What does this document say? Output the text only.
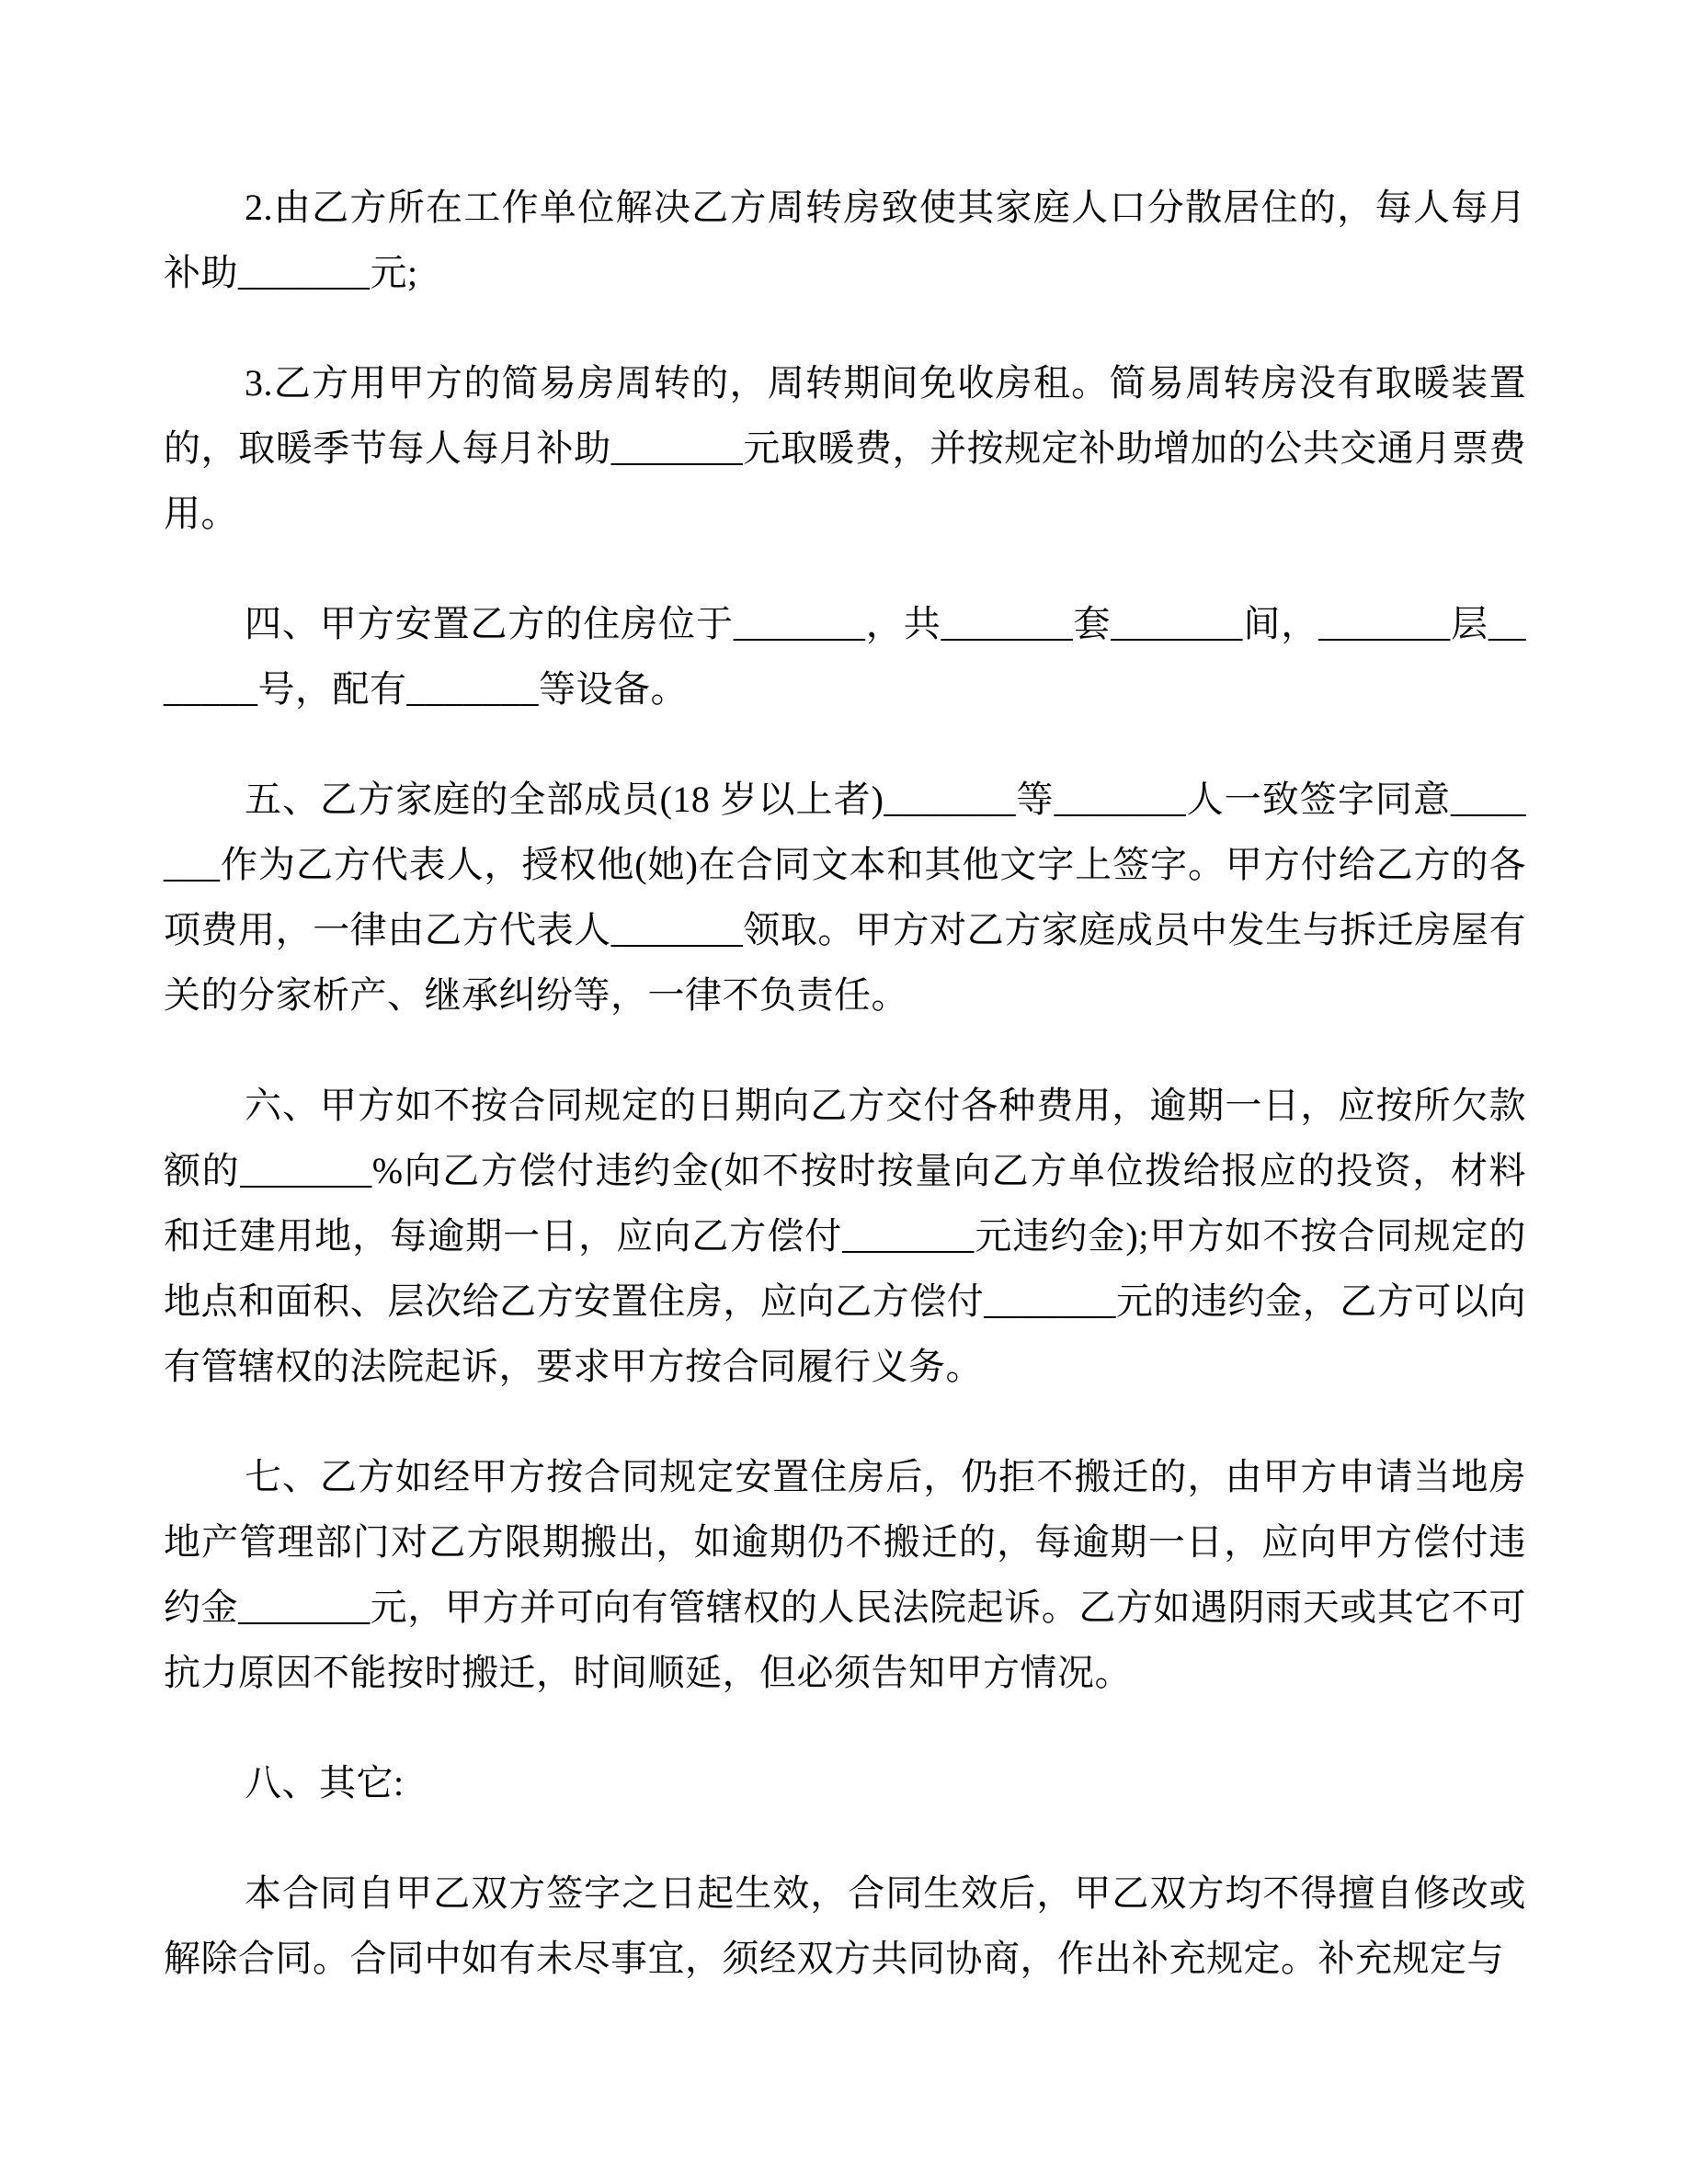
2.由乙方所在工作单位解决乙方周转房致使其家庭人口分散居住的，每人每月补助_______元;

3.乙方用甲方的简易房周转的，周转期间免收房租。简易周转房没有取暖装置的，取暖季节每人每月补助_______元取暖费，并按规定补助增加的公共交通月票费用。

四、甲方安置乙方的住房位于_______，共_______套_______间，_______层_______号，配有_______等设备。

五、乙方家庭的全部成员(18 岁以上者)_______等_______人一致签字同意_______作为乙方代表人，授权他(她)在合同文本和其他文字上签字。甲方付给乙方的各项费用，一律由乙方代表人_______领取。甲方对乙方家庭成员中发生与拆迁房屋有关的分家析产、继承纠纷等，一律不负责任。

六、甲方如不按合同规定的日期向乙方交付各种费用，逾期一日，应按所欠款额的_______%向乙方偿付违约金(如不按时按量向乙方单位拨给报应的投资，材料和迁建用地，每逾期一日，应向乙方偿付_______元违约金);甲方如不按合同规定的地点和面积、层次给乙方安置住房，应向乙方偿付_______元的违约金，乙方可以向有管辖权的法院起诉，要求甲方按合同履行义务。

七、乙方如经甲方按合同规定安置住房后，仍拒不搬迁的，由甲方申请当地房地产管理部门对乙方限期搬出，如逾期仍不搬迁的，每逾期一日，应向甲方偿付违约金_______元，甲方并可向有管辖权的人民法院起诉。乙方如遇阴雨天或其它不可抗力原因不能按时搬迁，时间顺延，但必须告知甲方情况。

八、其它:

本合同自甲乙双方签字之日起生效，合同生效后，甲乙双方均不得擅自修改或解除合同。合同中如有未尽事宜，须经双方共同协商，作出补充规定。补充规定与
